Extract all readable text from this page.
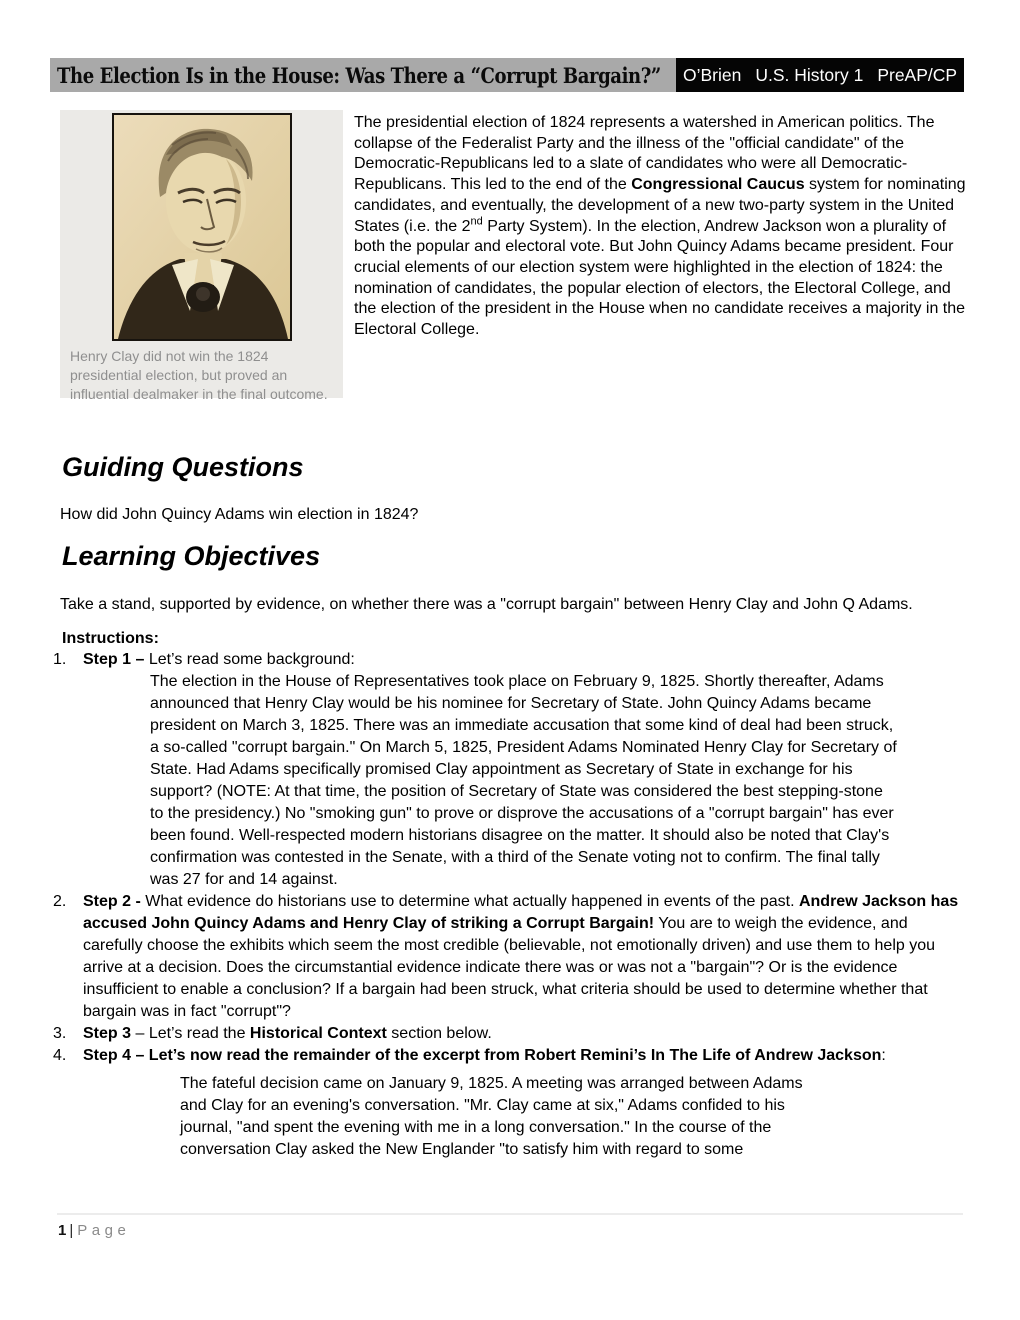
The Election Is in the House: Was There a “Corrupt Bargain?” O’Brien U.S. History 1 PreAP/CP
Henry Clay did not win the 1824 presidential election, but proved an influential dealmaker in the final outcome.

The presidential election of 1824 represents a watershed in American politics. The collapse of the Federalist Party and the illness of the "official candidate" of the Democratic-Republicans led to a slate of candidates who were all Democratic-Republicans. This led to the end of the Congressional Caucus system for nominating candidates, and eventually, the development of a new two-party system in the United States (i.e. the 2nd Party System). In the election, Andrew Jackson won a plurality of both the popular and electoral vote. But John Quincy Adams became president. Four crucial elements of our election system were highlighted in the election of 1824: the nomination of candidates, the popular election of electors, the Electoral College, and the election of the president in the House when no candidate receives a majority in the Electoral College.

Guiding Questions

How did John Quincy Adams win election in 1824?

Learning Objectives

Take a stand, supported by evidence, on whether there was a "corrupt bargain" between Henry Clay and John Q Adams.

Instructions:

1.	Step 1 – Let’s read some background:

The election in the House of Representatives took place on February 9, 1825. Shortly thereafter, Adams announced that Henry Clay would be his nominee for Secretary of State. John Quincy Adams became president on March 3, 1825. There was an immediate accusation that some kind of deal had been struck, a so-called "corrupt bargain." On March 5, 1825, President Adams Nominated Henry Clay for Secretary of State. Had Adams specifically promised Clay appointment as Secretary of State in exchange for his support? (NOTE: At that time, the position of Secretary of State was considered the best stepping-stone to the presidency.) No "smoking gun" to prove or disprove the accusations of a "corrupt bargain" has ever been found. Well-respected modern historians disagree on the matter. It should also be noted that Clay's confirmation was contested in the Senate, with a third of the Senate voting not to confirm. The final tally was 27 for and 14 against.

2.	Step 2 - What evidence do historians use to determine what actually happened in events of the past. Andrew Jackson has accused John Quincy Adams and Henry Clay of striking a Corrupt Bargain! You are to weigh the evidence, and carefully choose the exhibits which seem the most credible (believable, not emotionally driven) and use them to help you arrive at a decision. Does the circumstantial evidence indicate there was or was not a "bargain"? Or is the evidence insufficient to enable a conclusion? If a bargain had been struck, what criteria should be used to determine whether that bargain was in fact "corrupt"?
3.	Step 3 – Let’s read the Historical Context section below.
4.	Step 4 – Let’s now read the remainder of the excerpt from Robert Remini’s In The Life of Andrew Jackson:

The fateful decision came on January 9, 1825. A meeting was arranged between Adams and Clay for an evening's conversation. "Mr. Clay came at six," Adams confided to his journal, "and spent the evening with me in a long conversation." In the course of the conversation Clay asked the New Englander "to satisfy him with regard to some

1 | Page
